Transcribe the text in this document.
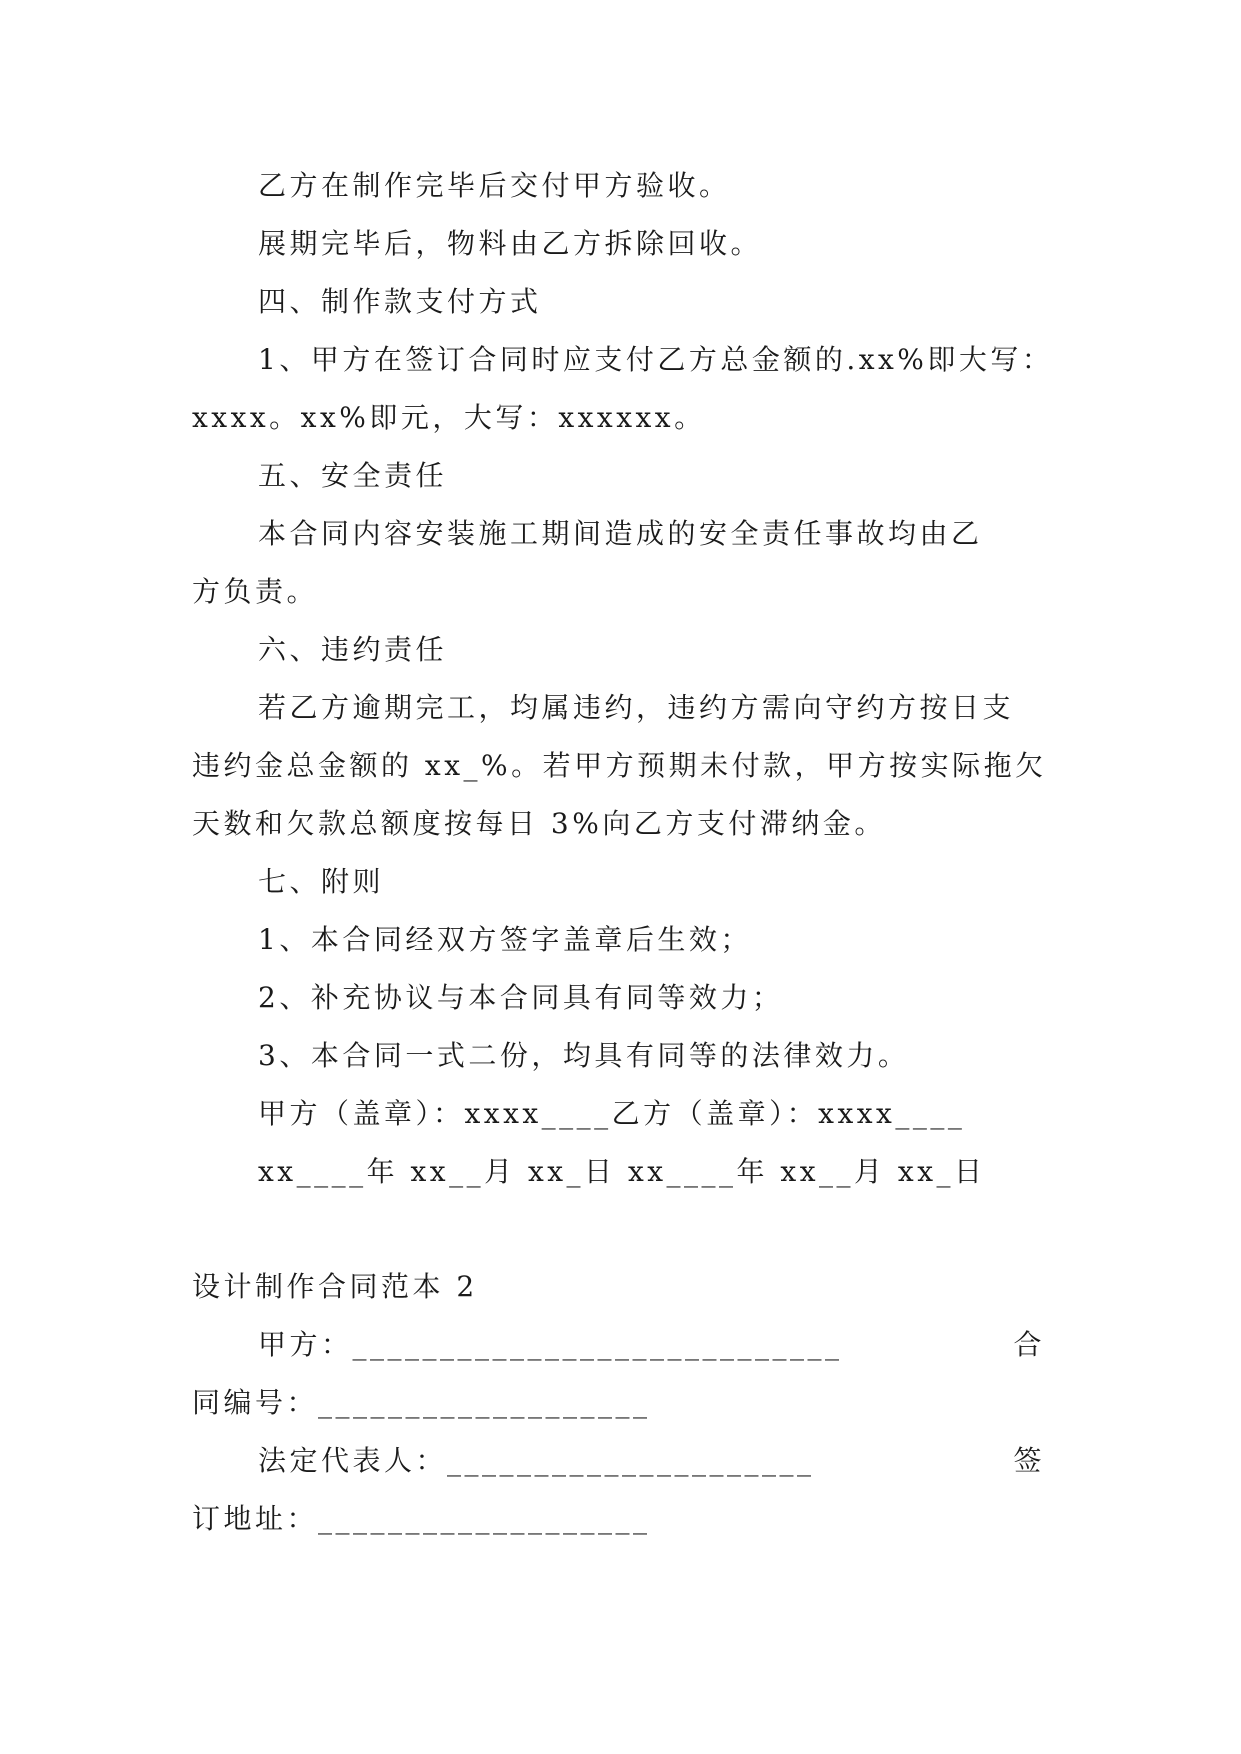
乙方在制作完毕后交付甲方验收。
展期完毕后，物料由乙方拆除回收。
四、制作款支付方式
1、甲方在签订合同时应支付乙方总金额的.xx%即大写：
xxxx。xx%即元，大写：xxxxxx。
五、安全责任
本合同内容安装施工期间造成的安全责任事故均由乙
方负责。
六、违约责任
若乙方逾期完工，均属违约，违约方需向守约方按日支
违约金总金额的 xx_%。若甲方预期未付款，甲方按实际拖欠
天数和欠款总额度按每日 3%向乙方支付滞纳金。
七、附则
1、本合同经双方签字盖章后生效；
2、补充协议与本合同具有同等效力；
3、本合同一式二份，均具有同等的法律效力。
甲方（盖章）：xxxx____乙方（盖章）：xxxx____
xx____年 xx__月 xx_日 xx____年 xx__月 xx_日
设计制作合同范本 2
甲方：____________________________	合
同编号：___________________
法定代表人：_____________________	签
订地址：___________________
